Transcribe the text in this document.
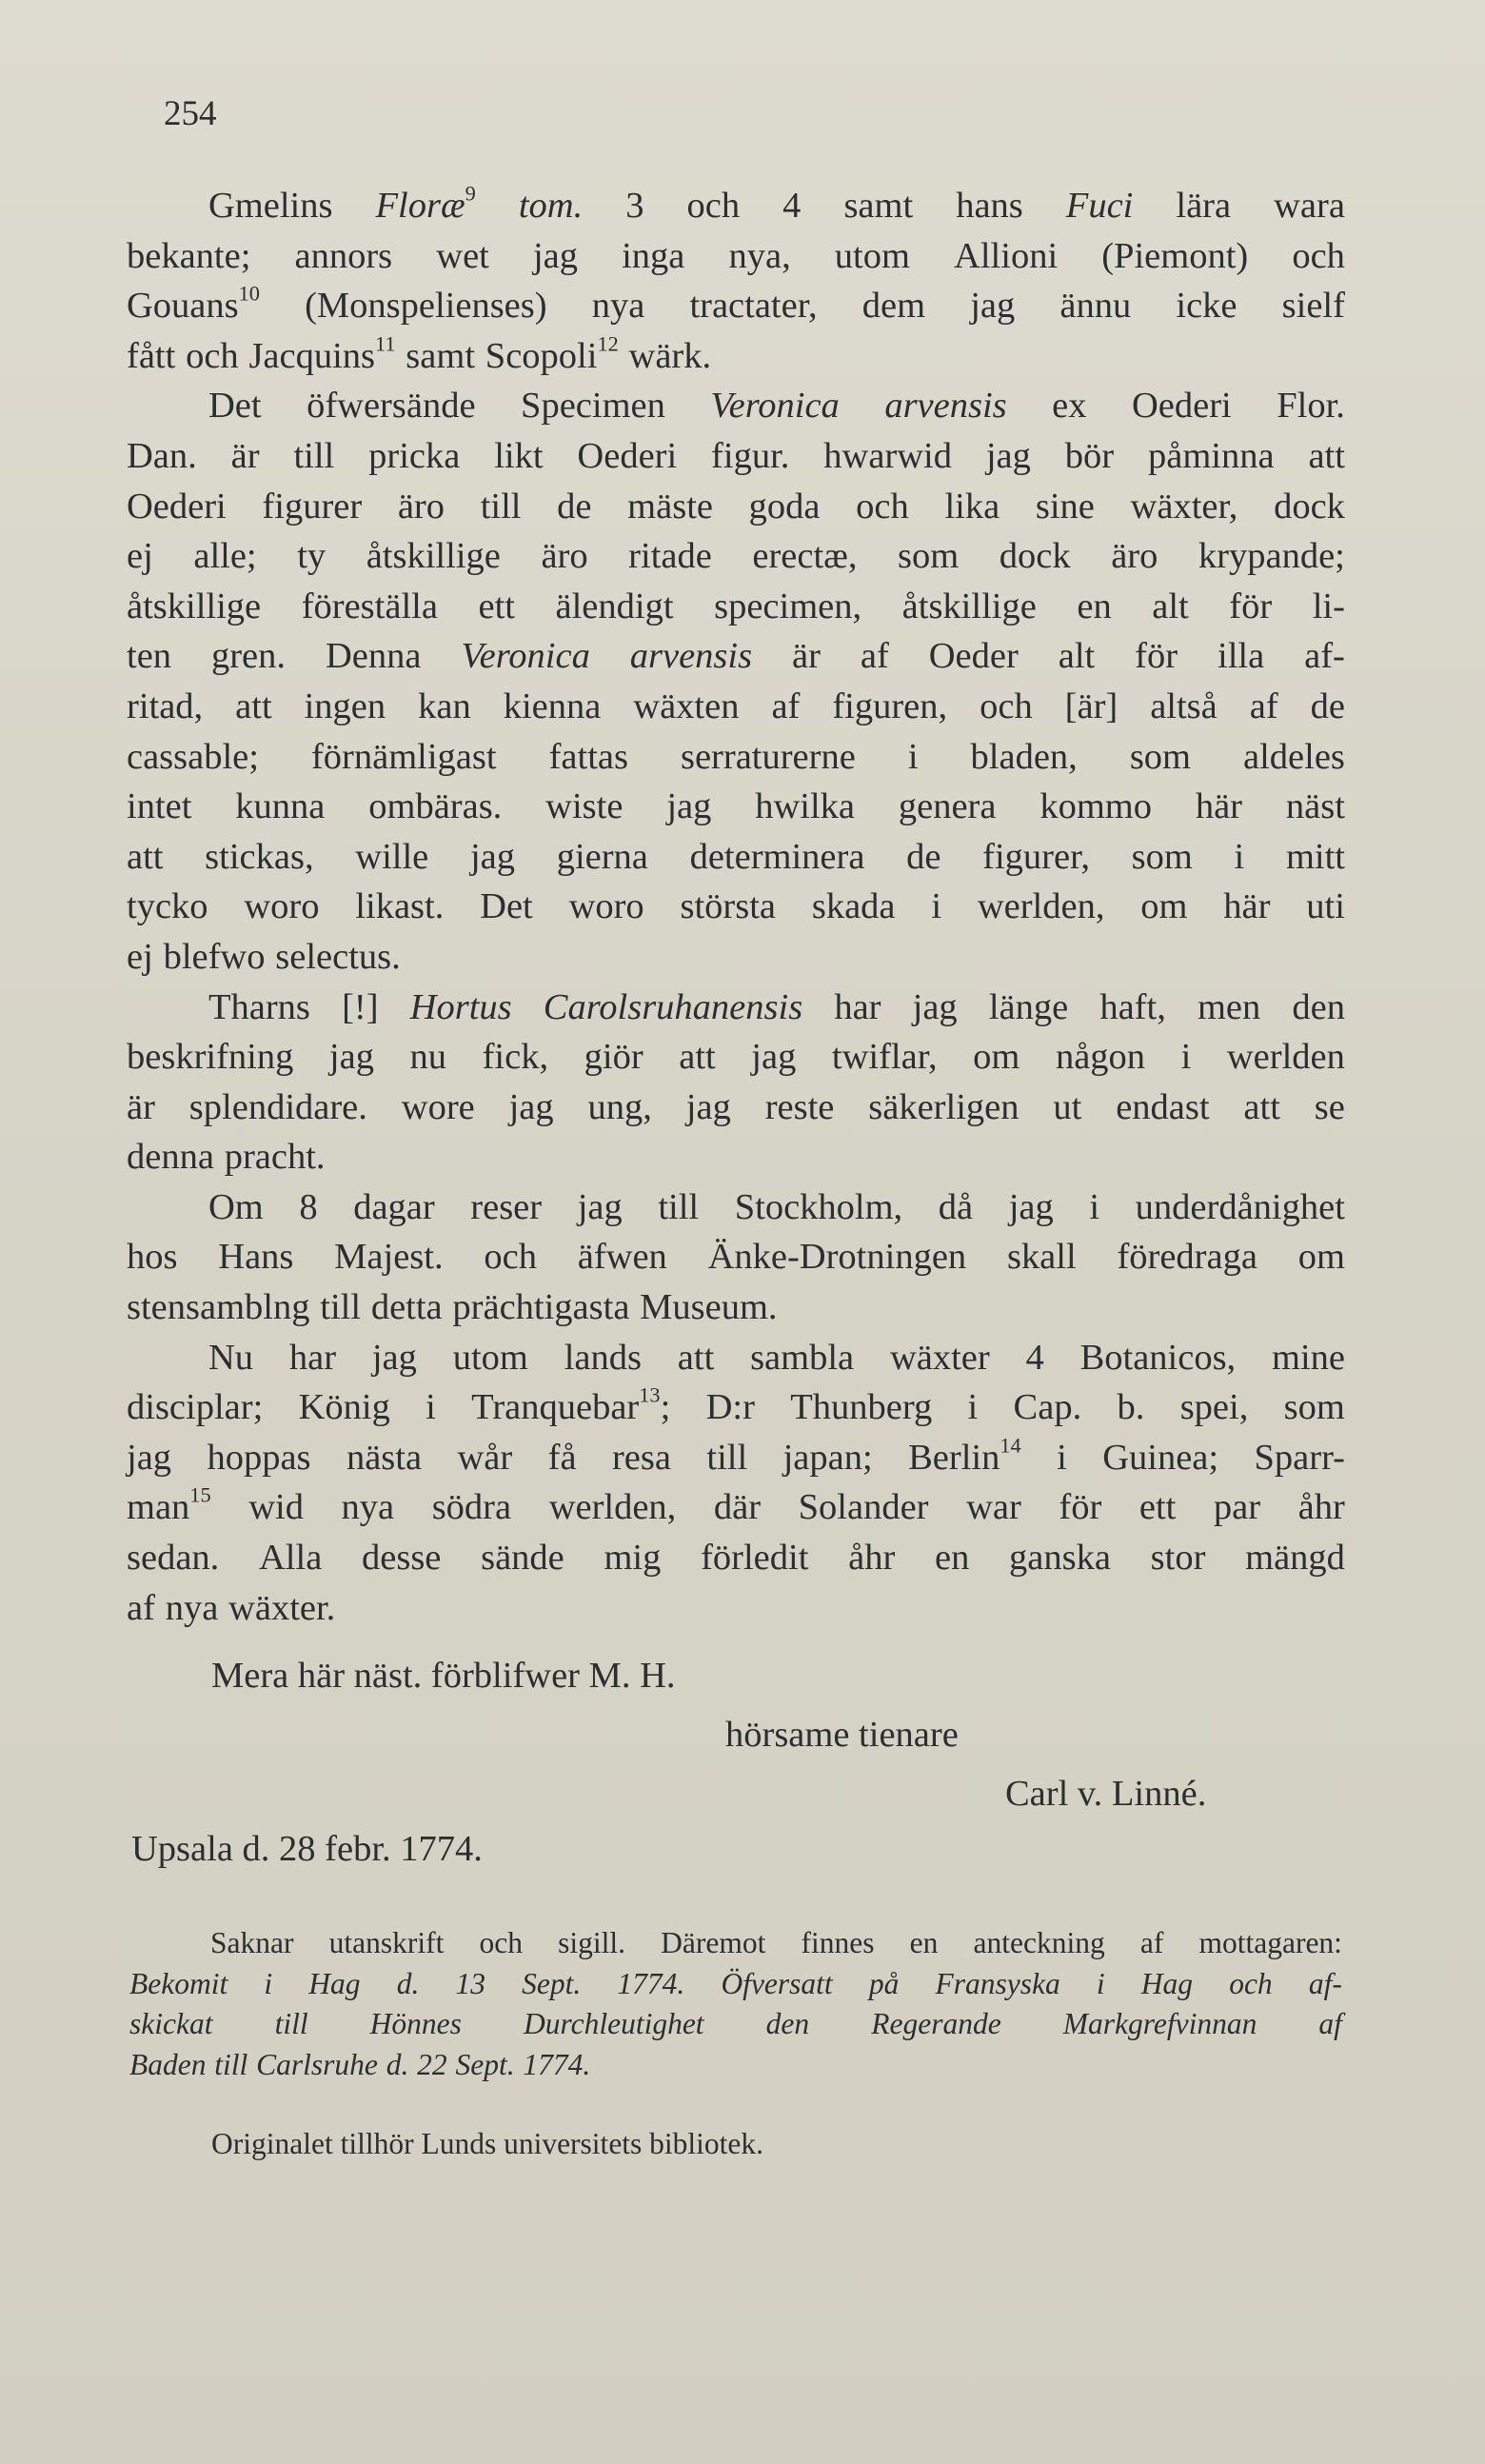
254
Gmelins Floræ$^9$ tom. 3 och 4 samt hans Fuci lära wara
bekante; annors wet jag inga nya, utom Allioni (Piemont) och
Gouans$^{10}$ (Monspelienses) nya tractater, dem jag ännu icke sielf
fått och Jacquins$^{11}$ samt Scopoli$^{12}$ wärk.
Det öfwersände Specimen Veronica arvensis ex Oederi Flor.
Dan. är till pricka likt Oederi figur. hwarwid jag bör påminna att
Oederi figurer äro till de mäste goda och lika sine wäxter, dock
ej alle; ty åtskillige äro ritade erectæ, som dock äro krypande;
åtskillige föreställa ett älendigt specimen, åtskillige en alt för li-
ten gren. Denna Veronica arvensis är af Oeder alt för illa af-
ritad, att ingen kan kienna wäxten af figuren, och [är] altså af de
cassable; förnämligast fattas serraturerne i bladen, som aldeles
intet kunna ombäras. wiste jag hwilka genera kommo här näst
att stickas, wille jag gierna determinera de figurer, som i mitt
tycko woro likast. Det woro största skada i werlden, om här uti
ej blefwo selectus.
Tharns [!] Hortus Carolsruhanensis har jag länge haft, men den
beskrifning jag nu fick, giör att jag twiflar, om någon i werlden
är splendidare. wore jag ung, jag reste säkerligen ut endast att se
denna pracht.
Om 8 dagar reser jag till Stockholm, då jag i underdånighet
hos Hans Majest. och äfwen Änke-Drotningen skall föredraga om
stensamblng till detta prächtigasta Museum.
Nu har jag utom lands att sambla wäxter 4 Botanicos, mine
disciplar; König i Tranquebar$^{13}$; D:r Thunberg i Cap. b. spei, som
jag hoppas nästa wår få resa till japan; Berlin$^{14}$ i Guinea; Sparr-
man$^{15}$ wid nya södra werlden, där Solander war för ett par åhr
sedan. Alla desse sände mig förledit åhr en ganska stor mängd
af nya wäxter.
Mera här näst. förblifwer M. H.
hörsame tienare
Carl v. Linné.
Upsala d. 28 febr. 1774.
Saknar utanskrift och sigill. Däremot finnes en anteckning af mottagaren:
Bekomit i Hag d. 13 Sept. 1774. Öfversatt på Fransyska i Hag och af-
skickat till Hönnes Durchleutighet den Regerande Markgrefvinnan af
Baden till Carlsruhe d. 22 Sept. 1774.
Originalet tillhör Lunds universitets bibliotek.
